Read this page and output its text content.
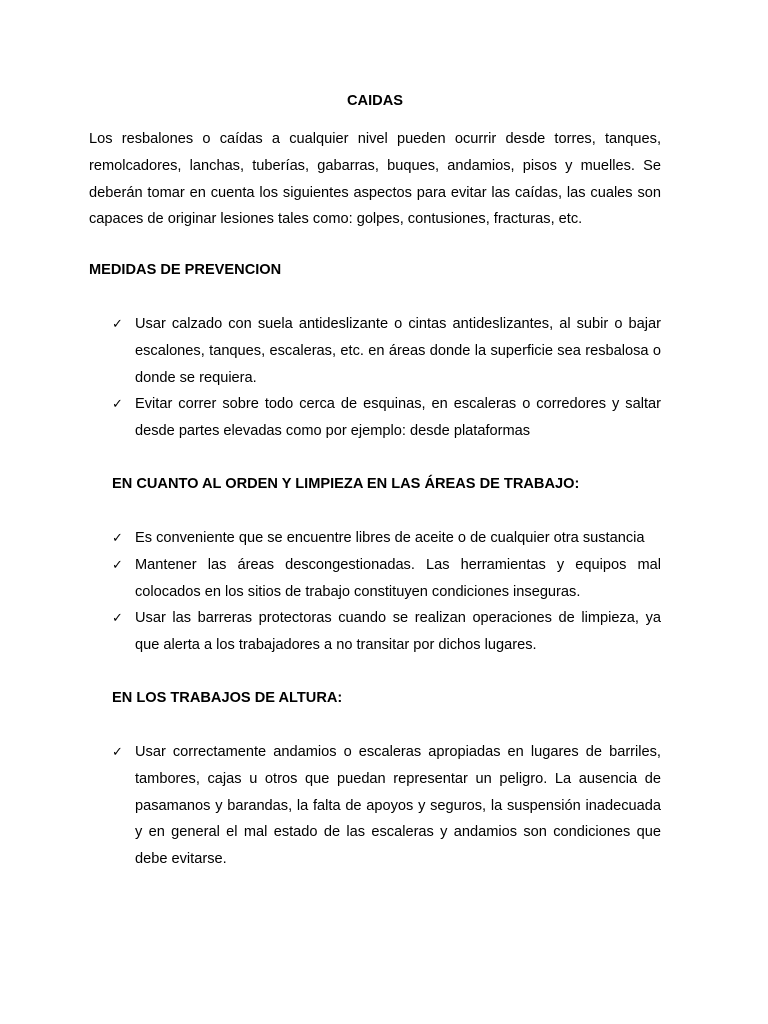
CAIDAS

Los resbalones o caídas a cualquier nivel pueden ocurrir desde torres, tanques, remolcadores, lanchas, tuberías, gabarras, buques, andamios, pisos y muelles. Se deberán tomar en cuenta los siguientes aspectos para evitar las caídas, las cuales son capaces de originar lesiones tales como: golpes, contusiones, fracturas, etc.

MEDIDAS DE PREVENCION

✓ Usar calzado con suela antideslizante o cintas antideslizantes, al subir o bajar escalones, tanques, escaleras, etc. en áreas donde la superficie sea resbalosa o donde se requiera.
✓ Evitar correr sobre todo cerca de esquinas, en escaleras o corredores y saltar desde partes elevadas como por ejemplo: desde plataformas

EN CUANTO AL ORDEN Y LIMPIEZA EN LAS ÁREAS DE TRABAJO:

✓ Es conveniente que se encuentre libres de aceite o de cualquier otra sustancia
✓ Mantener las áreas descongestionadas. Las herramientas y equipos mal colocados en los sitios de trabajo constituyen condiciones inseguras.
✓ Usar las barreras protectoras cuando se realizan operaciones de limpieza, ya que alerta a los trabajadores a no transitar por dichos lugares.

EN LOS TRABAJOS DE ALTURA:

✓ Usar correctamente andamios o escaleras apropiadas en lugares de barriles, tambores, cajas u otros que puedan representar un peligro. La ausencia de pasamanos y barandas, la falta de apoyos y seguros, la suspensión inadecuada y en general el mal estado de las escaleras y andamios son condiciones que debe evitarse.
